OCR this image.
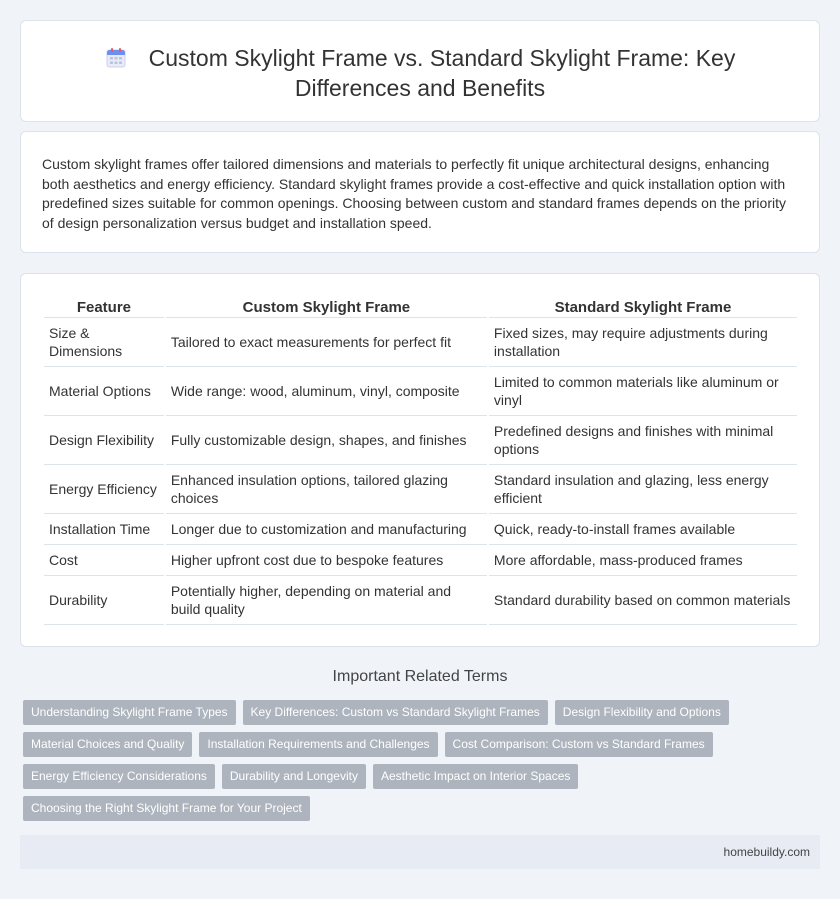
Custom Skylight Frame vs. Standard Skylight Frame: Key Differences and Benefits

Custom skylight frames offer tailored dimensions and materials to perfectly fit unique architectural designs, enhancing both aesthetics and energy efficiency. Standard skylight frames provide a cost-effective and quick installation option with predefined sizes suitable for common openings. Choosing between custom and standard frames depends on the priority of design personalization versus budget and installation speed.

Feature	Custom Skylight Frame	Standard Skylight Frame
Size & Dimensions	Tailored to exact measurements for perfect fit	Fixed sizes, may require adjustments during installation
Material Options	Wide range: wood, aluminum, vinyl, composite	Limited to common materials like aluminum or vinyl
Design Flexibility	Fully customizable design, shapes, and finishes	Predefined designs and finishes with minimal options
Energy Efficiency	Enhanced insulation options, tailored glazing choices	Standard insulation and glazing, less energy efficient
Installation Time	Longer due to customization and manufacturing	Quick, ready-to-install frames available
Cost	Higher upfront cost due to bespoke features	More affordable, mass-produced frames
Durability	Potentially higher, depending on material and build quality	Standard durability based on common materials
Important Related Terms
Understanding Skylight Frame Types	Key Differences: Custom vs Standard Skylight Frames	Design Flexibility and Options
Material Choices and Quality	Installation Requirements and Challenges	Cost Comparison: Custom vs Standard Frames
Energy Efficiency Considerations	Durability and Longevity	Aesthetic Impact on Interior Spaces
Choosing the Right Skylight Frame for Your Project
homebuildy.com
